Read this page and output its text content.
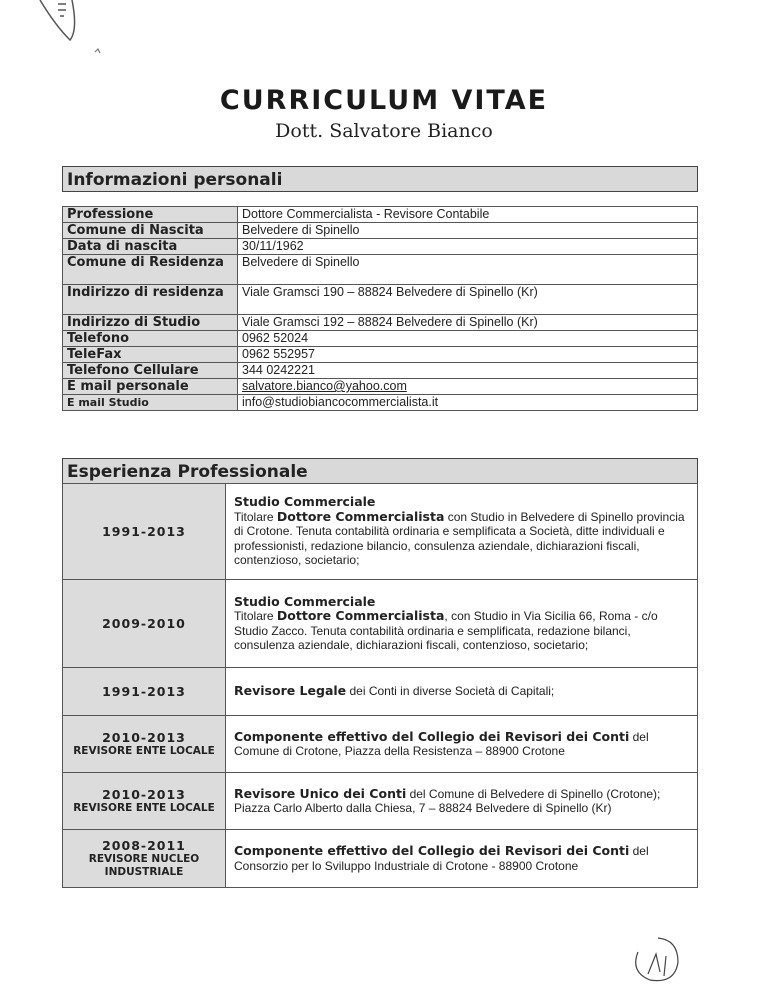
CURRICULUM VITAE
Dott. Salvatore Bianco
Informazioni personali
Professione	Dottore Commercialista - Revisore Contabile
Comune di Nascita	Belvedere di Spinello
Data di nascita	30/11/1962
Comune di Residenza	Belvedere di Spinello
Indirizzo di residenza	Viale Gramsci 190 – 88824 Belvedere di Spinello (Kr)
Indirizzo di Studio	Viale Gramsci 192 – 88824 Belvedere di Spinello (Kr)
Telefono	0962 52024
TeleFax	0962 552957
Telefono Cellulare	344 0242221
E mail personale	salvatore.bianco@yahoo.com
E mail Studio	info@studiobiancocommercialista.it
Esperienza Professionale
1991-2013	Studio Commerciale
Titolare Dottore Commercialista con Studio in Belvedere di Spinello provincia di Crotone. Tenuta contabilità ordinaria e semplificata a Società, ditte individuali e professionisti, redazione bilancio, consulenza aziendale, dichiarazioni fiscali, contenzioso, societario;

2009-2010	Studio Commerciale
Titolare Dottore Commercialista, con Studio in Via Sicilia 66, Roma - c/o Studio Zacco. Tenuta contabilità ordinaria e semplificata, redazione bilanci, consulenza aziendale, dichiarazioni fiscali, contenzioso, societario;

1991-2013	Revisore Legale dei Conti in diverse Società di Capitali;

2010-2013
REVISORE ENTE LOCALE	Componente effettivo del Collegio dei Revisori dei Conti del Comune di Crotone, Piazza della Resistenza – 88900 Crotone

2010-2013
REVISORE ENTE LOCALE	Revisore Unico dei Conti del Comune di Belvedere di Spinello (Crotone); Piazza Carlo Alberto dalla Chiesa, 7 – 88824 Belvedere di Spinello (Kr)

2008-2011
REVISORE NUCLEO INDUSTRIALE	Componente effettivo del Collegio dei Revisori dei Conti del Consorzio per lo Sviluppo Industriale di Crotone - 88900 Crotone
